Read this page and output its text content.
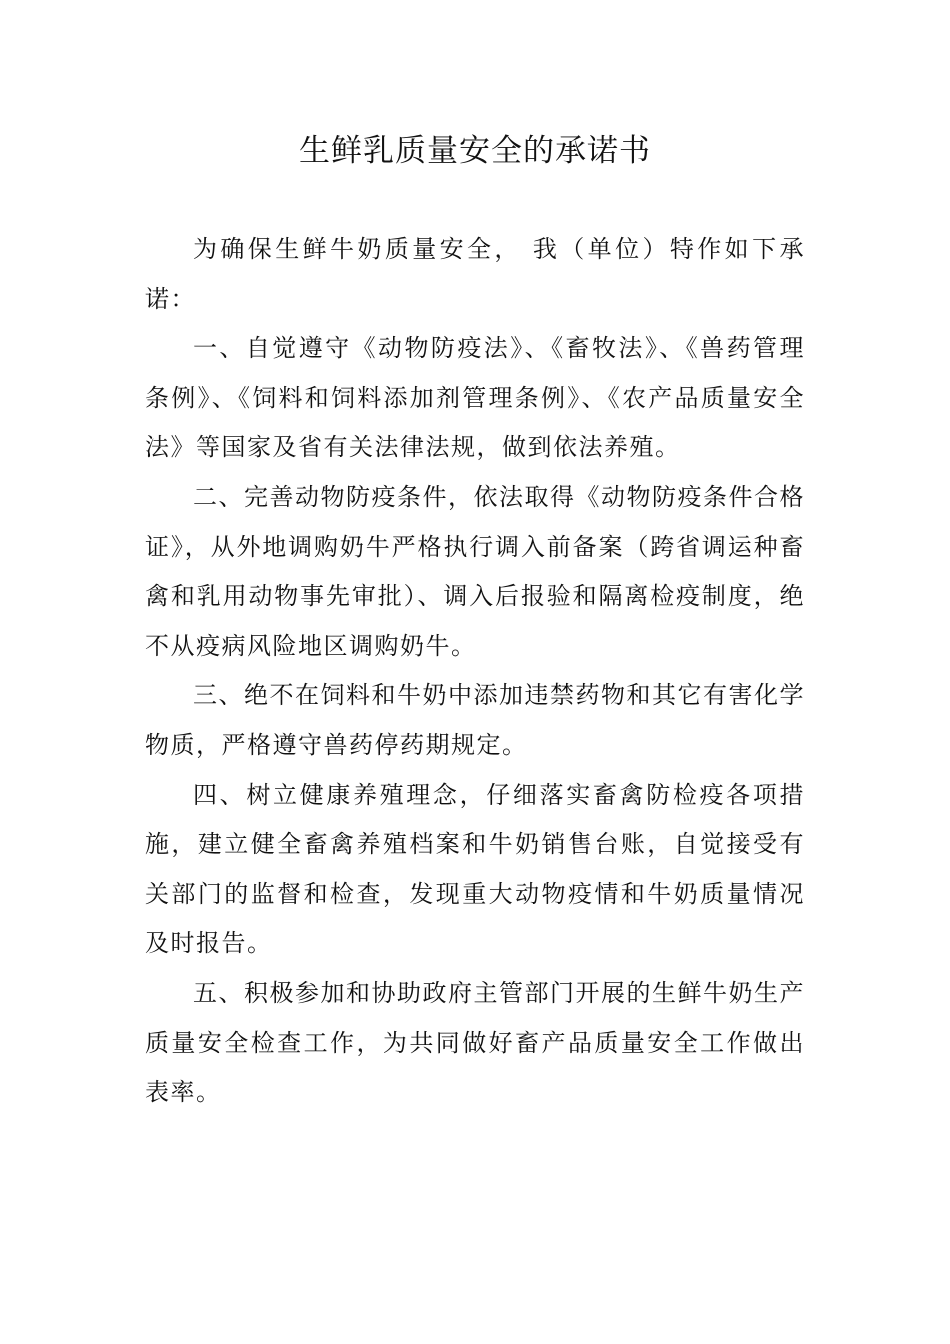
生鲜乳质量安全的承诺书

为确保生鲜牛奶质量安全， 我（单位）特作如下承诺：

一、自觉遵守《动物防疫法》、《畜牧法》、《兽药管理条例》、《饲料和饲料添加剂管理条例》、《农产品质量安全法》等国家及省有关法律法规，做到依法养殖。

二、完善动物防疫条件，依法取得《动物防疫条件合格证》，从外地调购奶牛严格执行调入前备案（跨省调运种畜禽和乳用动物事先审批）、调入后报验和隔离检疫制度，绝不从疫病风险地区调购奶牛。

三、绝不在饲料和牛奶中添加违禁药物和其它有害化学物质，严格遵守兽药停药期规定。

四、树立健康养殖理念，仔细落实畜禽防检疫各项措施，建立健全畜禽养殖档案和牛奶销售台账，自觉接受有关部门的监督和检查，发现重大动物疫情和牛奶质量情况及时报告。

五、积极参加和协助政府主管部门开展的生鲜牛奶生产质量安全检查工作，为共同做好畜产品质量安全工作做出表率。
